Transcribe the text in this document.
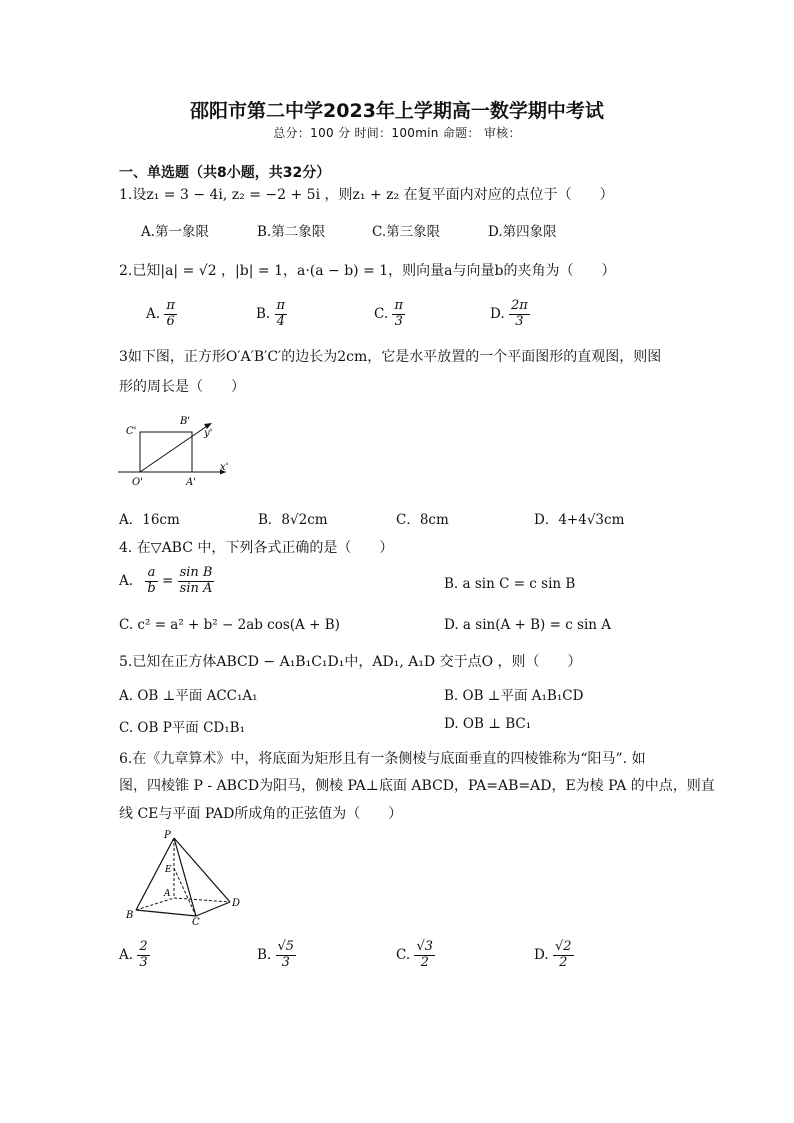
邵阳市第二中学2023年上学期高一数学期中考试
总分：100 分 时间：100min 命题： 审核：
一、单选题（共8小题，共32分）
1.设z₁ = 3 − 4i, z₂ = −2 + 5i ，则z₁ + z₂ 在复平面内对应的点位于（　　）
A.第一象限	B.第二象限	C.第三象限	D.第四象限
2.已知|a| = √2 ，|b| = 1，a·(a − b) = 1，则向量a与向量b的夹角为（　　）
A. $\frac{\pi}{6}$	B. $\frac{\pi}{4}$	C. $\frac{\pi}{3}$	D. $\frac{2\pi}{3}$
3如下图，正方形O′A′B′C′的边长为2cm，它是水平放置的一个平面图形的直观图，则图
形的周长是（　　）
C'
B'
y'
x'
O'	A'
A．16cm	B．8√2cm	C．8cm	D．4+4√3cm
4. 在▽ABC 中，下列各式正确的是（　　）
A. $\frac{a}{b} = \frac{\text{sin B}}{\text{sin A}}$	B. a sin C = c sin B
C. c² = a² + b² − 2ab cos(A + B)	D. a sin(A + B) = c sin A
5.已知在正方体ABCD − A₁B₁C₁D₁中，AD₁, A₁D 交于点O ，则（　　）
A. OB ⊥平面 ACC₁A₁	B. OB ⊥平面 A₁B₁CD
C. OB P平面 CD₁B₁	D. OB ⊥ BC₁
6.在《九章算术》中，将底面为矩形且有一条侧棱与底面垂直的四棱锥称为“阳马”. 如
图，四棱锥 P - ABCD为阳马，侧棱 PA⊥底面 ABCD，PA=AB=AD，E为棱 PA 的中点，则直
线 CE与平面 PAD所成角的正弦值为（　　）
P
E
A
B
C
D
A. $\frac{2}{3}$	B. $\frac{√5}{3}$	C. $\frac{√3}{2}$	D. $\frac{√2}{2}$
